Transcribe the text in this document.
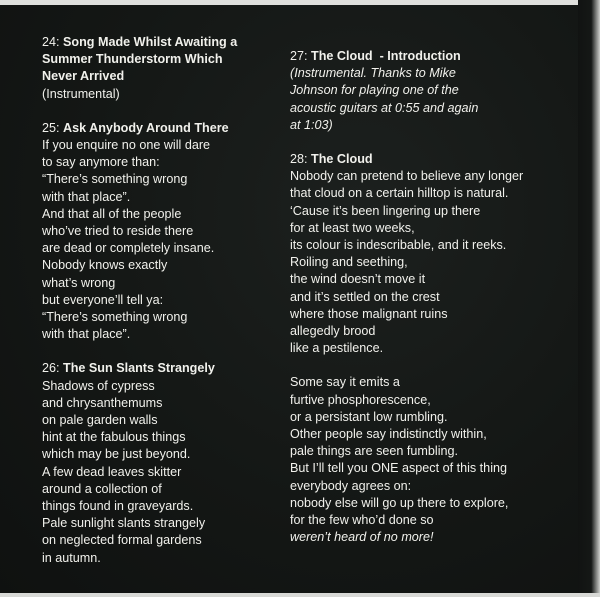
24: Song Made Whilst Awaiting a
Summer Thunderstorm Which
Never Arrived
(Instrumental)
25: Ask Anybody Around There
If you enquire no one will dare
to say anymore than:
“There’s something wrong
with that place”.
And that all of the people
who’ve tried to reside there
are dead or completely insane.
Nobody knows exactly
what’s wrong
but everyone’ll tell ya:
“There’s something wrong
with that place”.
26: The Sun Slants Strangely
Shadows of cypress
and chrysanthemums
on pale garden walls
hint at the fabulous things
which may be just beyond.
A few dead leaves skitter
around a collection of
things found in graveyards.
Pale sunlight slants strangely
on neglected formal gardens
in autumn.
27: The Cloud  - Introduction
(Instrumental. Thanks to Mike
Johnson for playing one of the
acoustic guitars at 0:55 and again
at 1:03)
28: The Cloud
Nobody can pretend to believe any longer
that cloud on a certain hilltop is natural.
‘Cause it’s been lingering up there
for at least two weeks,
its colour is indescribable, and it reeks.
Roiling and seething,
the wind doesn’t move it
and it’s settled on the crest
where those malignant ruins
allegedly brood
like a pestilence.
Some say it emits a
furtive phosphorescence,
or a persistant low rumbling.
Other people say indistinctly within,
pale things are seen fumbling.
But I’ll tell you ONE aspect of this thing
everybody agrees on:
nobody else will go up there to explore,
for the few who’d done so
weren’t heard of no more!
